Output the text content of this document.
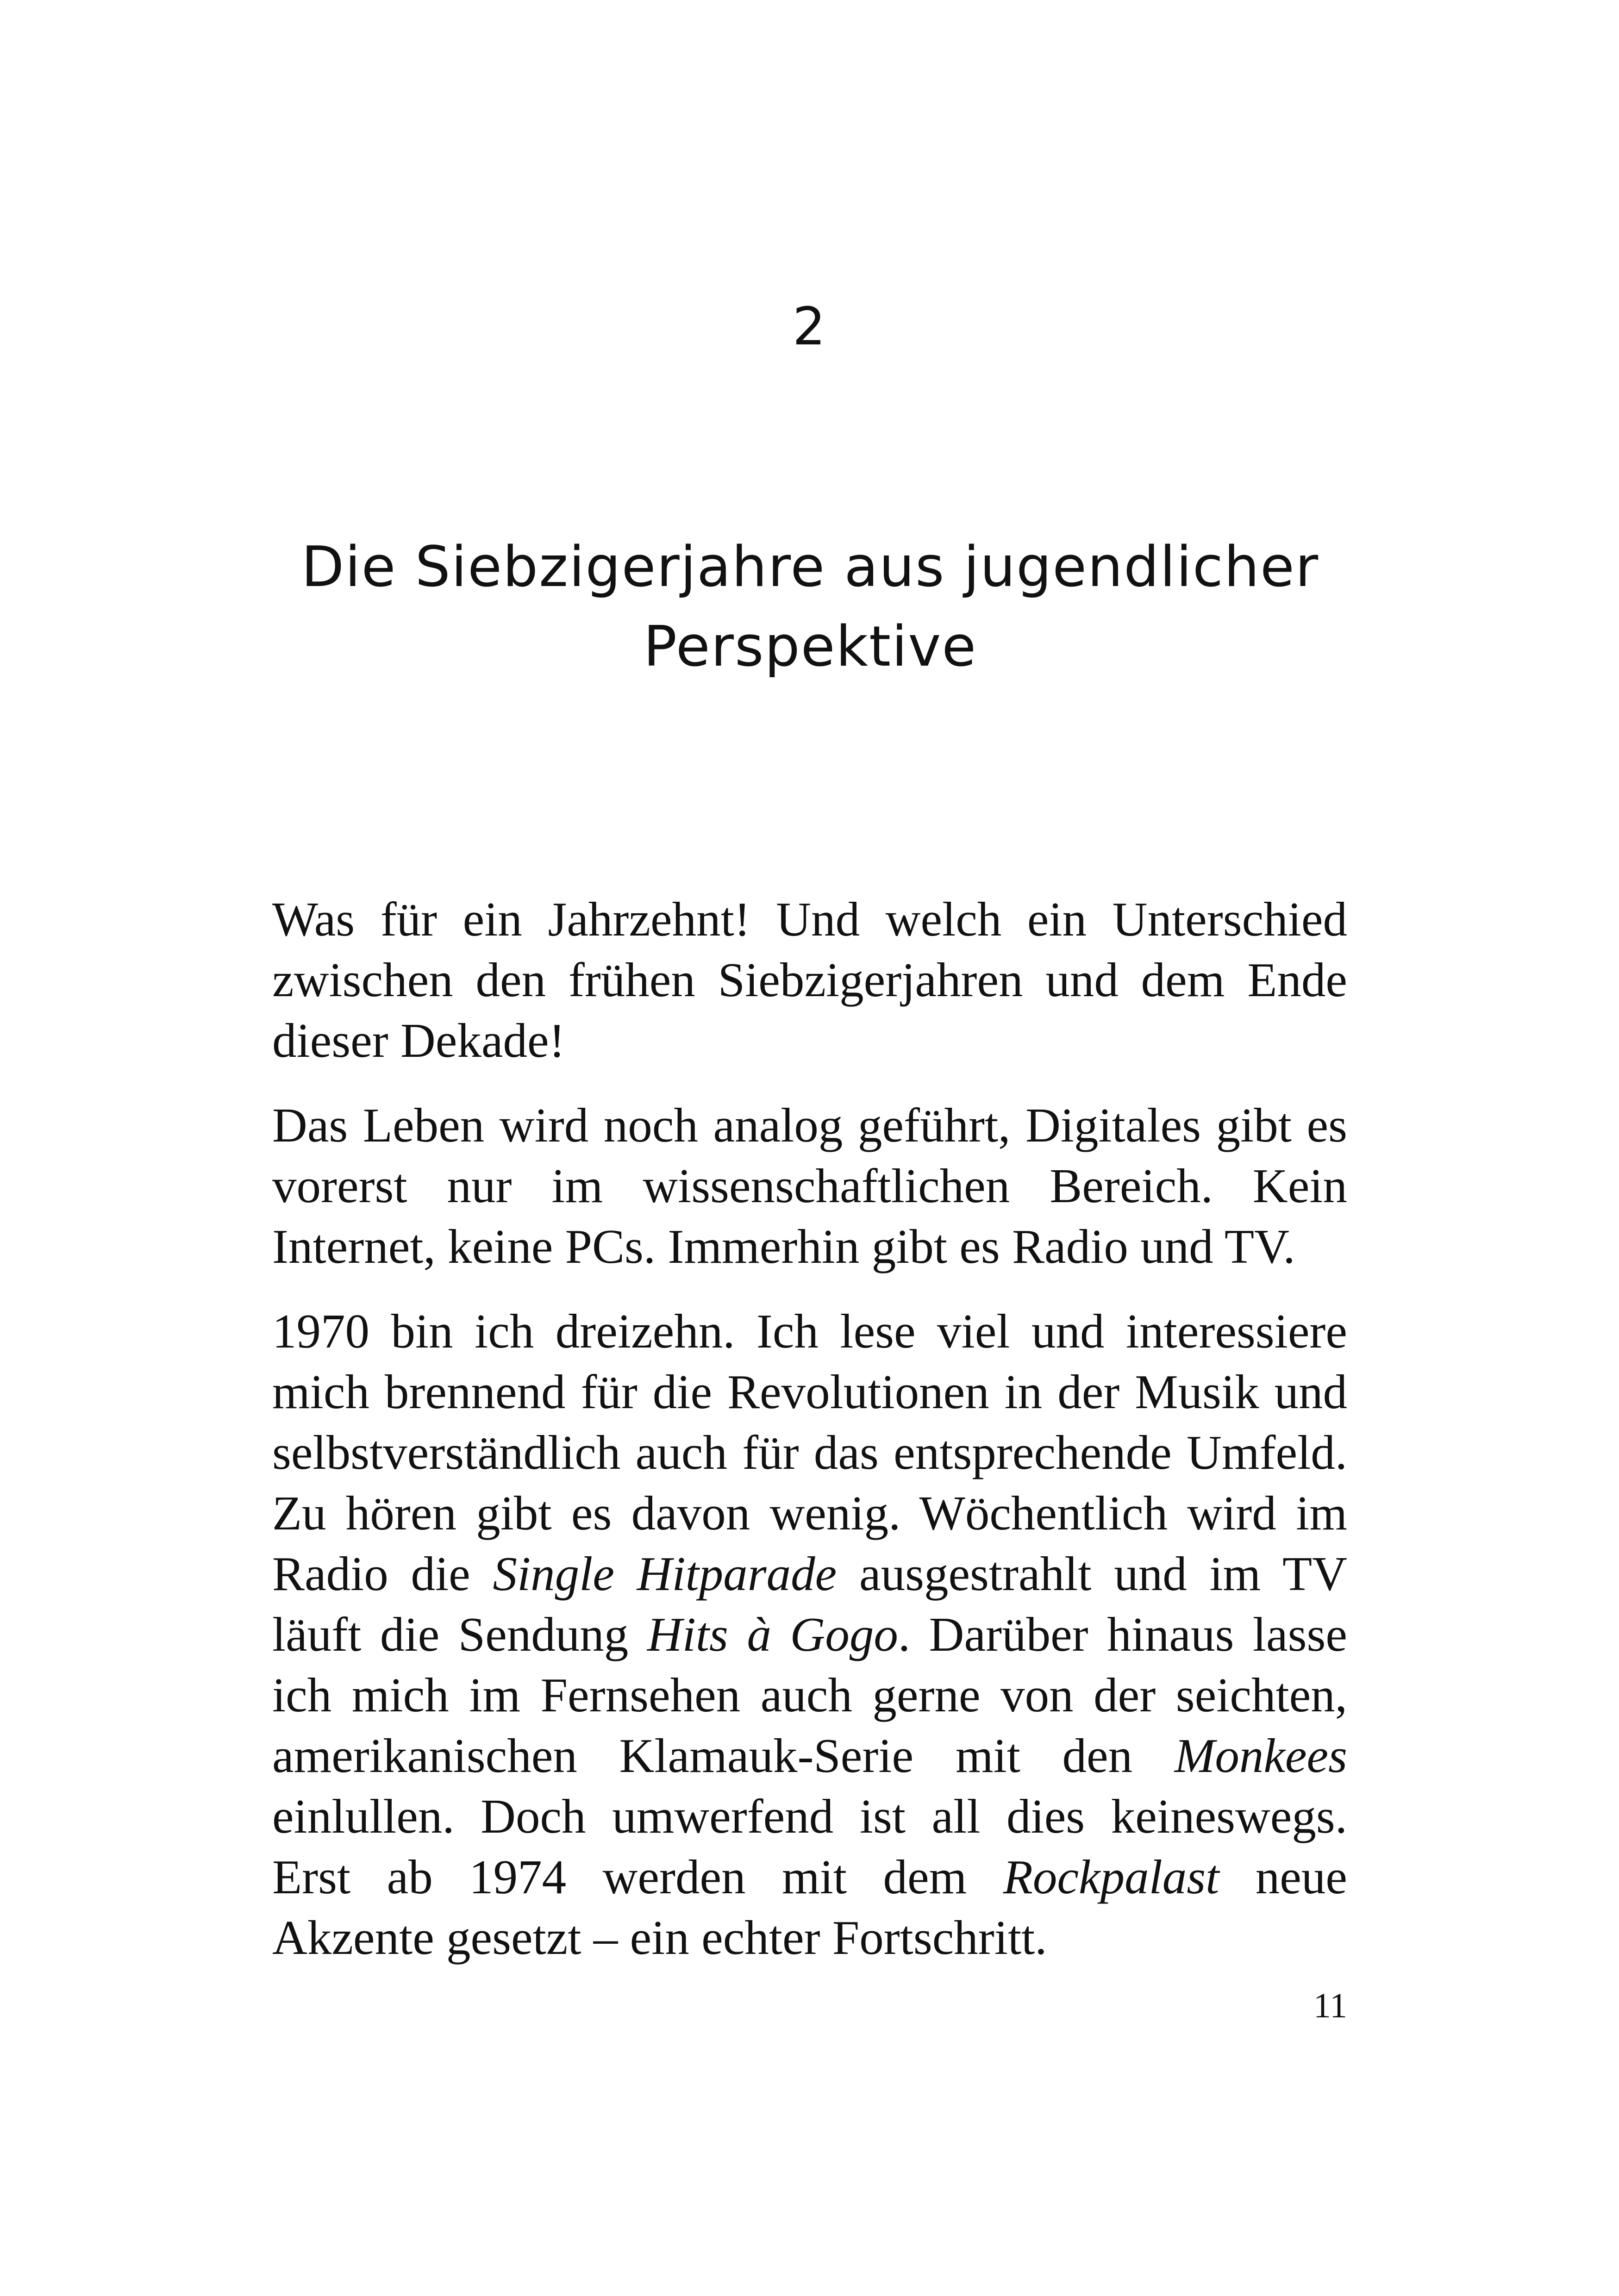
2
Die Siebzigerjahre aus jugendlicher
Perspektive

Was für ein Jahrzehnt! Und welch ein Unterschied zwischen den frühen Siebzigerjahren und dem Ende dieser Dekade!

Das Leben wird noch analog geführt, Digitales gibt es vorerst nur im wissenschaftlichen Bereich. Kein Internet, keine PCs. Immerhin gibt es Radio und TV.

1970 bin ich dreizehn. Ich lese viel und interessiere mich brennend für die Revolutionen in der Musik und selbstverständlich auch für das entsprechende Umfeld. Zu hören gibt es davon wenig. Wöchentlich wird im Radio die Single Hitparade ausgestrahlt und im TV läuft die Sendung Hits à Gogo. Darüber hinaus lasse ich mich im Fernsehen auch gerne von der seichten, amerikanischen Klamauk-Serie mit den Monkees einlullen. Doch umwerfend ist all dies keineswegs. Erst ab 1974 werden mit dem Rockpalast neue Akzente gesetzt – ein echter Fortschritt.

11
